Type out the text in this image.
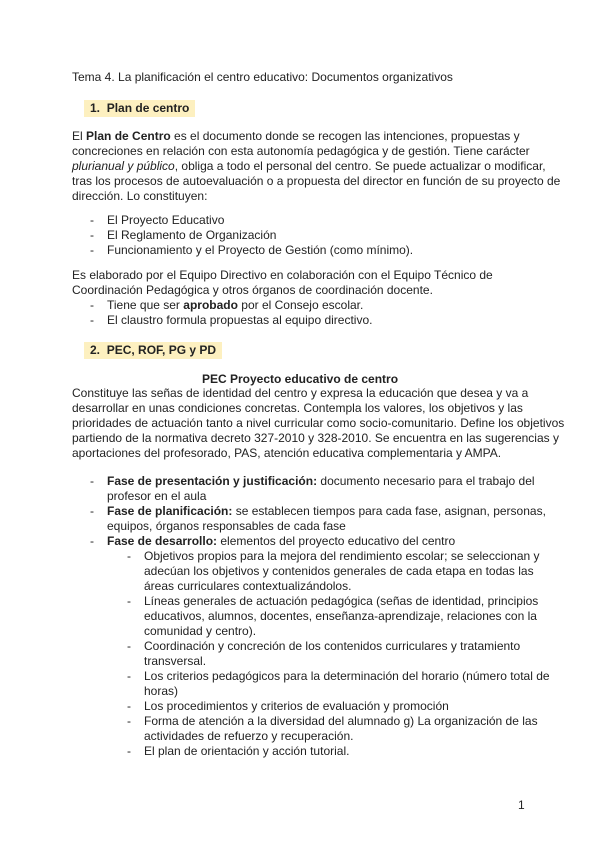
Tema 4. La planificación el centro educativo: Documentos organizativos
1. Plan de centro
El Plan de Centro es el documento donde se recogen las intenciones, propuestas y
concreciones en relación con esta autonomía pedagógica y de gestión. Tiene carácter
plurianual y público, obliga a todo el personal del centro. Se puede actualizar o modificar,
tras los procesos de autoevaluación o a propuesta del director en función de su proyecto de
dirección. Lo constituyen:
- El Proyecto Educativo
- El Reglamento de Organización
- Funcionamiento y el Proyecto de Gestión (como mínimo).
Es elaborado por el Equipo Directivo en colaboración con el Equipo Técnico de
Coordinación Pedagógica y otros órganos de coordinación docente.
- Tiene que ser aprobado por el Consejo escolar.
- El claustro formula propuestas al equipo directivo.
2. PEC, ROF, PG y PD
PEC Proyecto educativo de centro
Constituye las señas de identidad del centro y expresa la educación que desea y va a
desarrollar en unas condiciones concretas. Contempla los valores, los objetivos y las
prioridades de actuación tanto a nivel curricular como socio-comunitario. Define los objetivos
partiendo de la normativa decreto 327-2010 y 328-2010. Se encuentra en las sugerencias y
aportaciones del profesorado, PAS, atención educativa complementaria y AMPA.
- Fase de presentación y justificación: documento necesario para el trabajo del
profesor en el aula
- Fase de planificación: se establecen tiempos para cada fase, asignan, personas,
equipos, órganos responsables de cada fase
- Fase de desarrollo: elementos del proyecto educativo del centro
- Objetivos propios para la mejora del rendimiento escolar; se seleccionan y
adecúan los objetivos y contenidos generales de cada etapa en todas las
áreas curriculares contextualizándolos.
- Líneas generales de actuación pedagógica (señas de identidad, principios
educativos, alumnos, docentes, enseñanza-aprendizaje, relaciones con la
comunidad y centro).
- Coordinación y concreción de los contenidos curriculares y tratamiento
transversal.
- Los criterios pedagógicos para la determinación del horario (número total de
horas)
- Los procedimientos y criterios de evaluación y promoción
- Forma de atención a la diversidad del alumnado g) La organización de las
actividades de refuerzo y recuperación.
- El plan de orientación y acción tutorial.
1
